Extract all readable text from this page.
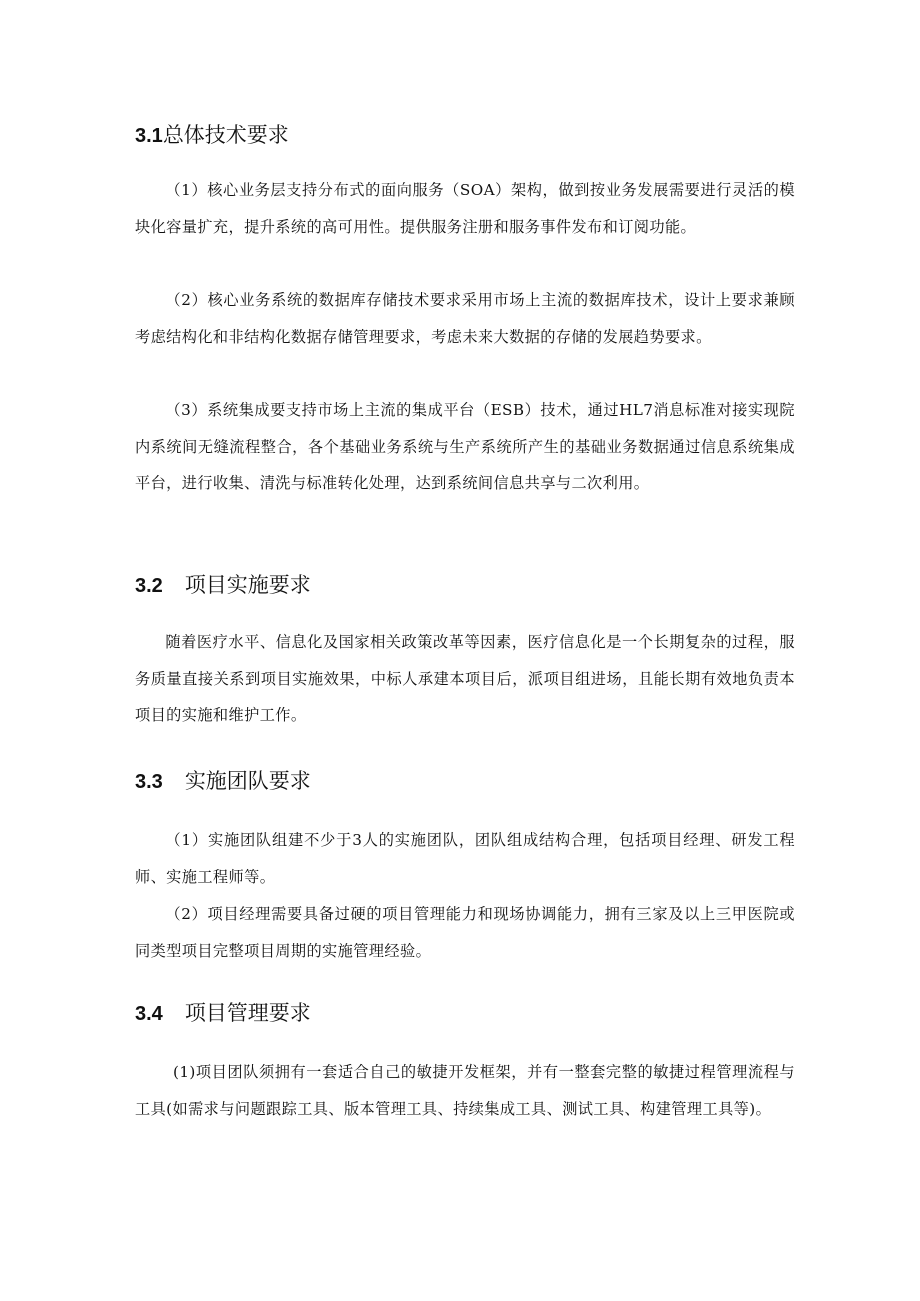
3.1总体技术要求

（1）核心业务层支持分布式的面向服务（SOA）架构，做到按业务发展需要进行灵活的模块化容量扩充，提升系统的高可用性。提供服务注册和服务事件发布和订阅功能。

（2）核心业务系统的数据库存储技术要求采用市场上主流的数据库技术，设计上要求兼顾考虑结构化和非结构化数据存储管理要求，考虑未来大数据的存储的发展趋势要求。

（3）系统集成要支持市场上主流的集成平台（ESB）技术，通过HL7消息标准对接实现院内系统间无缝流程整合，各个基础业务系统与生产系统所产生的基础业务数据通过信息系统集成平台，进行收集、清洗与标准转化处理，达到系统间信息共享与二次利用。

3.2 项目实施要求

随着医疗水平、信息化及国家相关政策改革等因素，医疗信息化是一个长期复杂的过程，服务质量直接关系到项目实施效果，中标人承建本项目后，派项目组进场，且能长期有效地负责本项目的实施和维护工作。

3.3 实施团队要求

（1）实施团队组建不少于3人的实施团队，团队组成结构合理，包括项目经理、研发工程师、实施工程师等。

（2）项目经理需要具备过硬的项目管理能力和现场协调能力，拥有三家及以上三甲医院或同类型项目完整项目周期的实施管理经验。

3.4 项目管理要求

(1)项目团队须拥有一套适合自己的敏捷开发框架，并有一整套完整的敏捷过程管理流程与工具(如需求与问题跟踪工具、版本管理工具、持续集成工具、测试工具、构建管理工具等)。
